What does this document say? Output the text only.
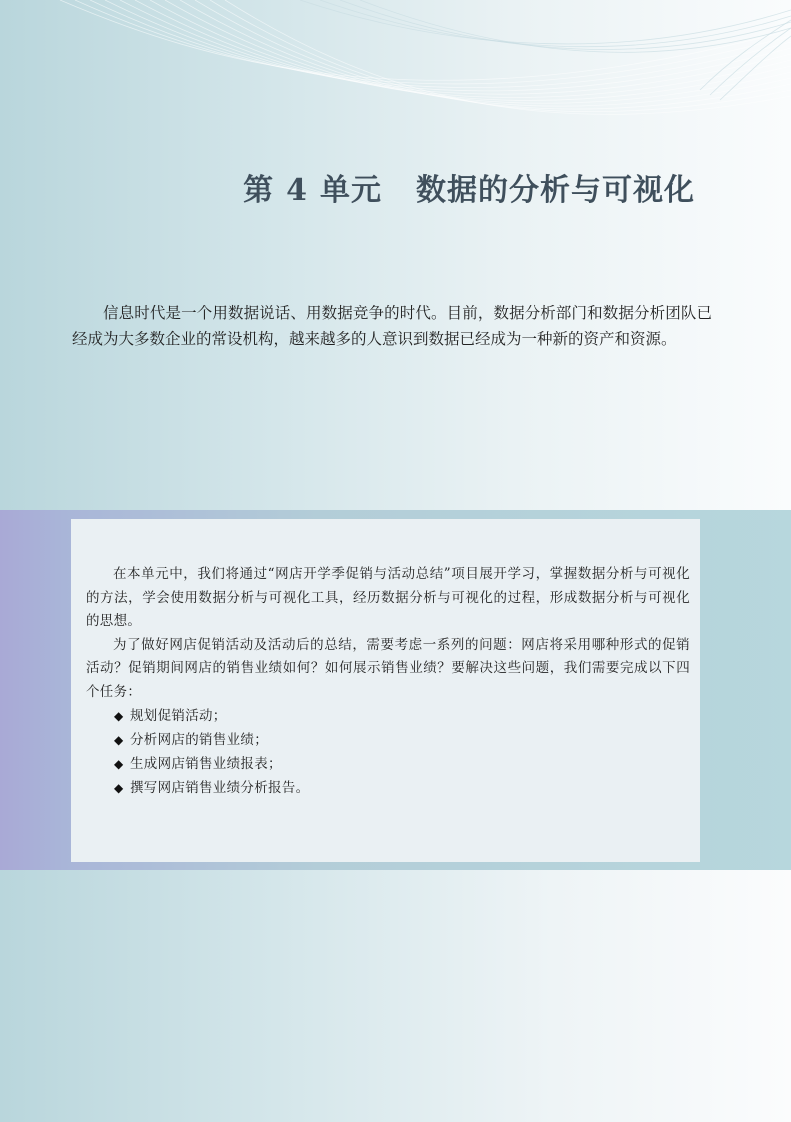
第 4 单元 数据的分析与可视化
信息时代是一个用数据说话、用数据竞争的时代。目前，数据分析部门和数据分析团队已经成为大多数企业的常设机构，越来越多的人意识到数据已经成为一种新的资产和资源。

在本单元中，我们将通过“网店开学季促销与活动总结”项目展开学习，掌握数据分析与可视化的方法，学会使用数据分析与可视化工具，经历数据分析与可视化的过程，形成数据分析与可视化的思想。

为了做好网店促销活动及活动后的总结，需要考虑一系列的问题：网店将采用哪种形式的促销活动？促销期间网店的销售业绩如何？如何展示销售业绩？要解决这些问题，我们需要完成以下四个任务：

◆ 规划促销活动；
◆ 分析网店的销售业绩；
◆ 生成网店销售业绩报表；
◆ 撰写网店销售业绩分析报告。
